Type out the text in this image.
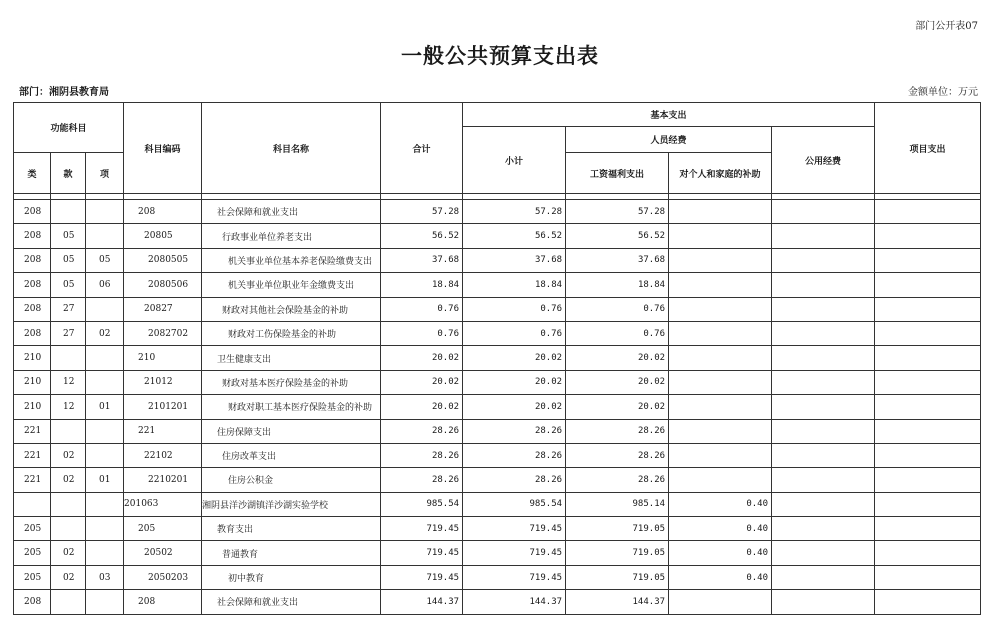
部门公开表07
一般公共预算支出表
部门：湘阴县教育局	金额单位：万元
功能科目			科目编码	科目名称	合计	基本支出				项目支出
						小计	人员经费		公用经费	
类	款	项					工资福利支出	对个人和家庭的补助		

208			208	社会保障和就业支出	57.28	57.28	57.28			
208	05		20805	行政事业单位养老支出	56.52	56.52	56.52			
208	05	05	2080505	机关事业单位基本养老保险缴费支出	37.68	37.68	37.68			
208	05	06	2080506	机关事业单位职业年金缴费支出	18.84	18.84	18.84			
208	27		20827	财政对其他社会保险基金的补助	0.76	0.76	0.76			
208	27	02	2082702	财政对工伤保险基金的补助	0.76	0.76	0.76			
210			210	卫生健康支出	20.02	20.02	20.02			
210	12		21012	财政对基本医疗保险基金的补助	20.02	20.02	20.02			
210	12	01	2101201	财政对职工基本医疗保险基金的补助	20.02	20.02	20.02			
221			221	住房保障支出	28.26	28.26	28.26			
221	02		22102	住房改革支出	28.26	28.26	28.26			
221	02	01	2210201	住房公积金	28.26	28.26	28.26			
			201063	湘阴县洋沙湖镇洋沙湖实验学校	985.54	985.54	985.14	0.40		
205			205	教育支出	719.45	719.45	719.05	0.40		
205	02		20502	普通教育	719.45	719.45	719.05	0.40		
205	02	03	2050203	初中教育	719.45	719.45	719.05	0.40		
208			208	社会保障和就业支出	144.37	144.37	144.37			
